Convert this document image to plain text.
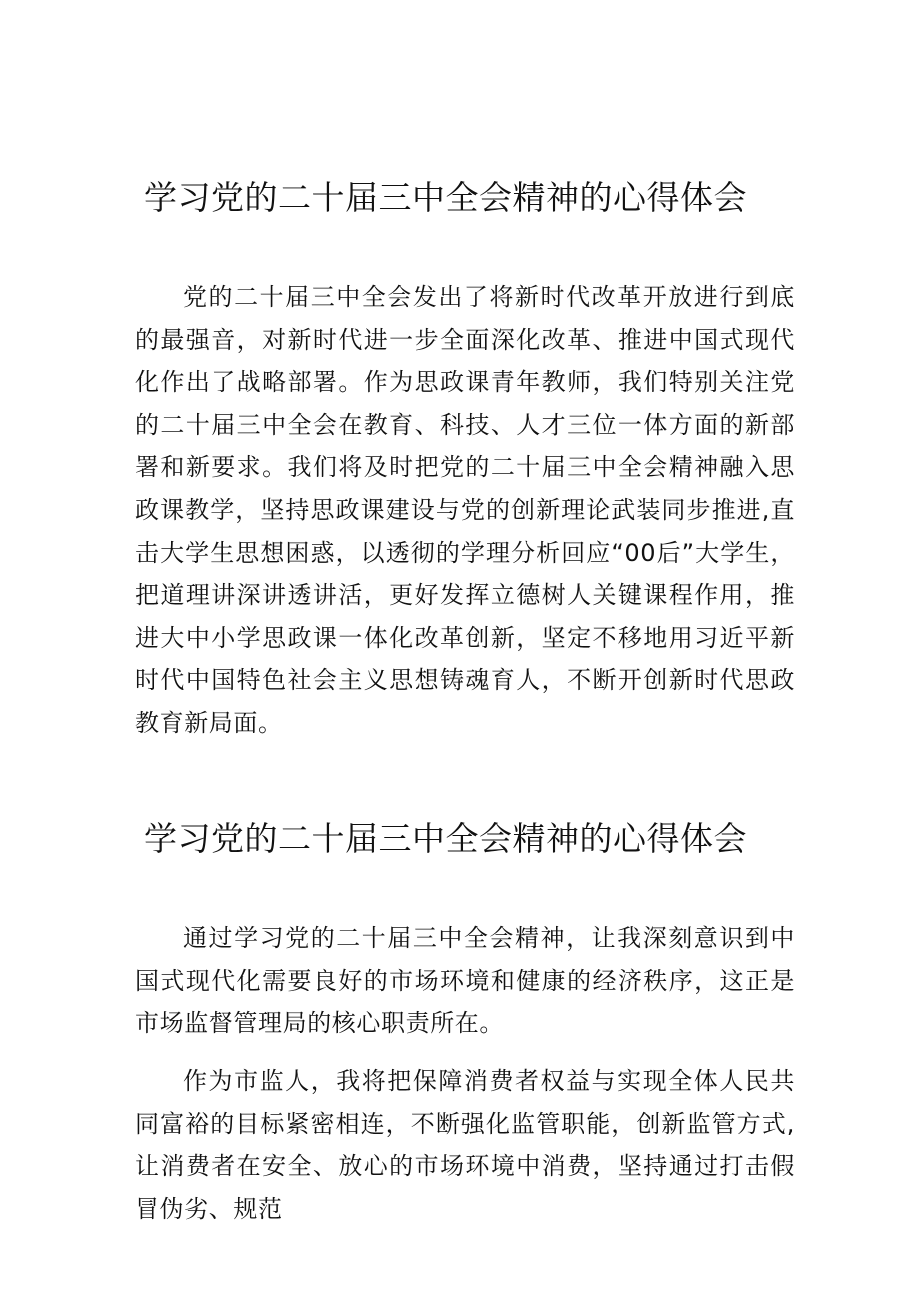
学习党的二十届三中全会精神的心得体会

党的二十届三中全会发出了将新时代改革开放进行到底的最强音，对新时代进一步全面深化改革、推进中国式现代化作出了战略部署。作为思政课青年教师，我们特别关注党的二十届三中全会在教育、科技、人才三位一体方面的新部署和新要求。我们将及时把党的二十届三中全会精神融入思政课教学，坚持思政课建设与党的创新理论武装同步推进,直击大学生思想困惑，以透彻的学理分析回应“00后”大学生，把道理讲深讲透讲活，更好发挥立德树人关键课程作用，推进大中小学思政课一体化改革创新，坚定不移地用习近平新时代中国特色社会主义思想铸魂育人，不断开创新时代思政教育新局面。

学习党的二十届三中全会精神的心得体会

通过学习党的二十届三中全会精神，让我深刻意识到中国式现代化需要良好的市场环境和健康的经济秩序，这正是市场监督管理局的核心职责所在。

作为市监人，我将把保障消费者权益与实现全体人民共同富裕的目标紧密相连，不断强化监管职能，创新监管方式,让消费者在安全、放心的市场环境中消费，坚持通过打击假冒伪劣、规范
